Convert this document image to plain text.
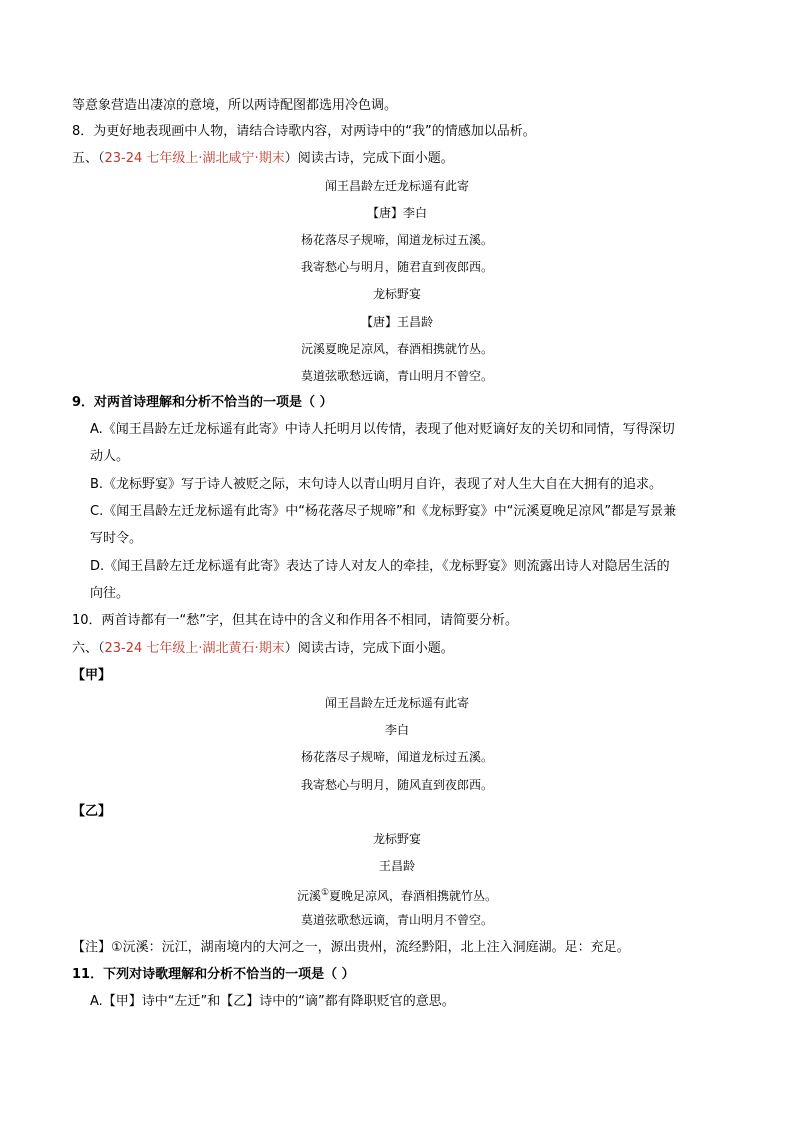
等意象营造出凄凉的意境，所以两诗配图都选用冷色调。
8．为更好地表现画中人物，请结合诗歌内容，对两诗中的“我”的情感加以品析。
五、（23-24 七年级上·湖北咸宁·期末）阅读古诗，完成下面小题。
闻王昌龄左迁龙标遥有此寄
【唐】李白
杨花落尽子规啼，闻道龙标过五溪。
我寄愁心与明月，随君直到夜郎西。
龙标野宴
【唐】王昌龄
沅溪夏晚足凉风，春酒相携就竹丛。
莫道弦歌愁远谪，青山明月不曾空。
9．对两首诗理解和分析不恰当的一项是（ ）
A.《闻王昌龄左迁龙标遥有此寄》中诗人托明月以传情，表现了他对贬谪好友的关切和同情，写得深切
动人。
B.《龙标野宴》写于诗人被贬之际，末句诗人以青山明月自许，表现了对人生大自在大拥有的追求。
C.《闻王昌龄左迁龙标遥有此寄》中“杨花落尽子规啼”和《龙标野宴》中“沅溪夏晚足凉风”都是写景兼
写时令。
D.《闻王昌龄左迁龙标遥有此寄》表达了诗人对友人的牵挂，《龙标野宴》则流露出诗人对隐居生活的
向往。
10．两首诗都有一“愁”字，但其在诗中的含义和作用各不相同，请简要分析。
六、（23-24 七年级上·湖北黄石·期末）阅读古诗，完成下面小题。
【甲】
闻王昌龄左迁龙标遥有此寄
李白
杨花落尽子规啼，闻道龙标过五溪。
我寄愁心与明月，随风直到夜郎西。
【乙】
龙标野宴
王昌龄
沅溪①夏晚足凉风，春酒相携就竹丛。
莫道弦歌愁远谪，青山明月不曾空。
【注】①沅溪：沅江，湖南境内的大河之一，源出贵州，流经黔阳，北上注入洞庭湖。足：充足。
11．下列对诗歌理解和分析不恰当的一项是（ ）
A.【甲】诗中“左迁”和【乙】诗中的“谪”都有降职贬官的意思。
